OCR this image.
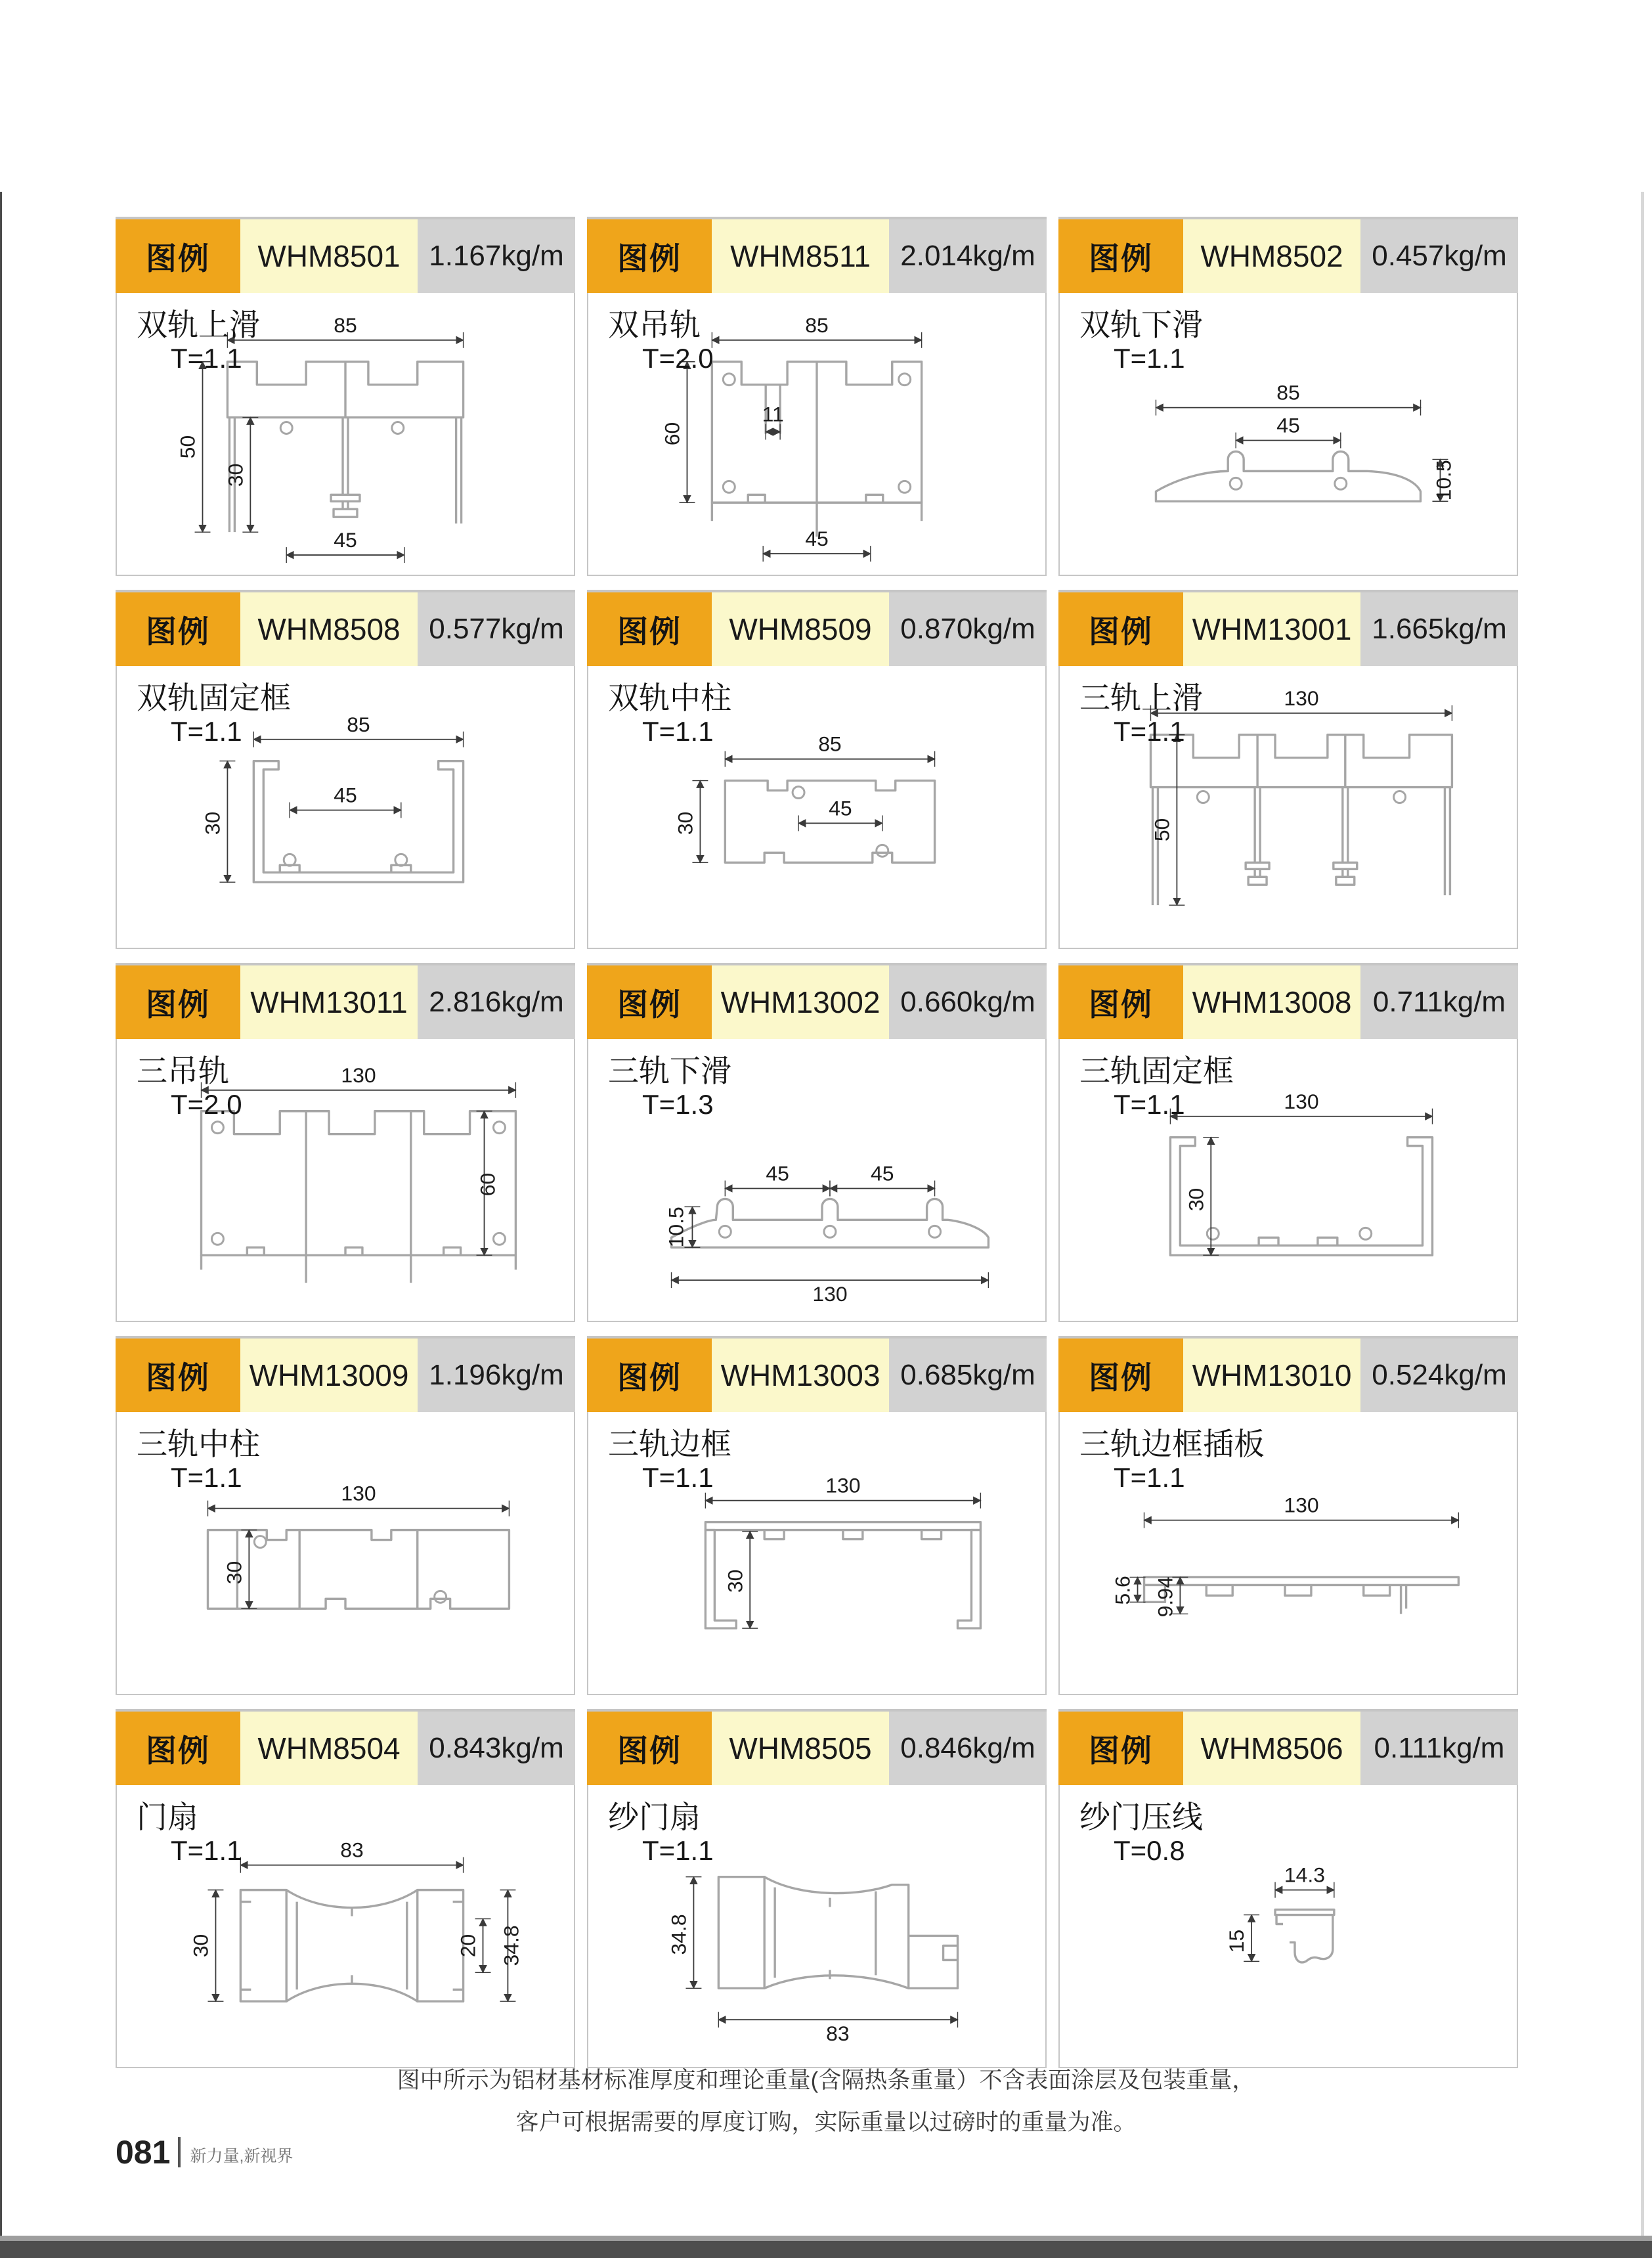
图例	WHM8501 1.167kg/m
双轨上滑
T=1.1
85
50
30
45
图例	WHM8511	2.014kg/m
双吊轨
T=2.0
85
60
11
45
图例	WHM8502 0.457kg/m
双轨下滑
T=1.1
85
45
10.5
图例	WHM8508 0.577kg/m
双轨固定框
T=1.1	85
45
30
图例	WHM8509 0.870kg/m
双轨中柱
T=1.1	85
45
30
图例	WHM13001 1.665kg/m
三轨上滑
T=1.1
130
50
图例	WHM13011 2.816kg/m
三吊轨
T=2.0
130
60
图例	WHM13002 0.660kg/m
三轨下滑
T=1.3
10.5
45	45
130
图例	WHM13008 0.711kg/m
三轨固定框
T=1.1	130
30
图例	WHM13009 1.196kg/m
三轨中柱
T=1.1
130
30
图例	WHM13003 0.685kg/m
三轨边框
T=1.1	130
30
图例	WHM13010 0.524kg/m
三轨边框插板
T=1.1
130
5.6 9.94
图例	WHM8504 0.843kg/m
门扇
T=1.1	83
30	20 34.8
图例	WHM8505 0.846kg/m
纱门扇
T=1.1
34.8
83
图例	WHM8506	0.111kg/m
纱门压线
T=0.8
14.3
15
图中所示为铝材基材标准厚度和理论重量(含隔热条重量）不含表面涂层及包装重量，
客户可根据需要的厚度订购，实际重量以过磅时的重量为准。
081 新力量,新视界
